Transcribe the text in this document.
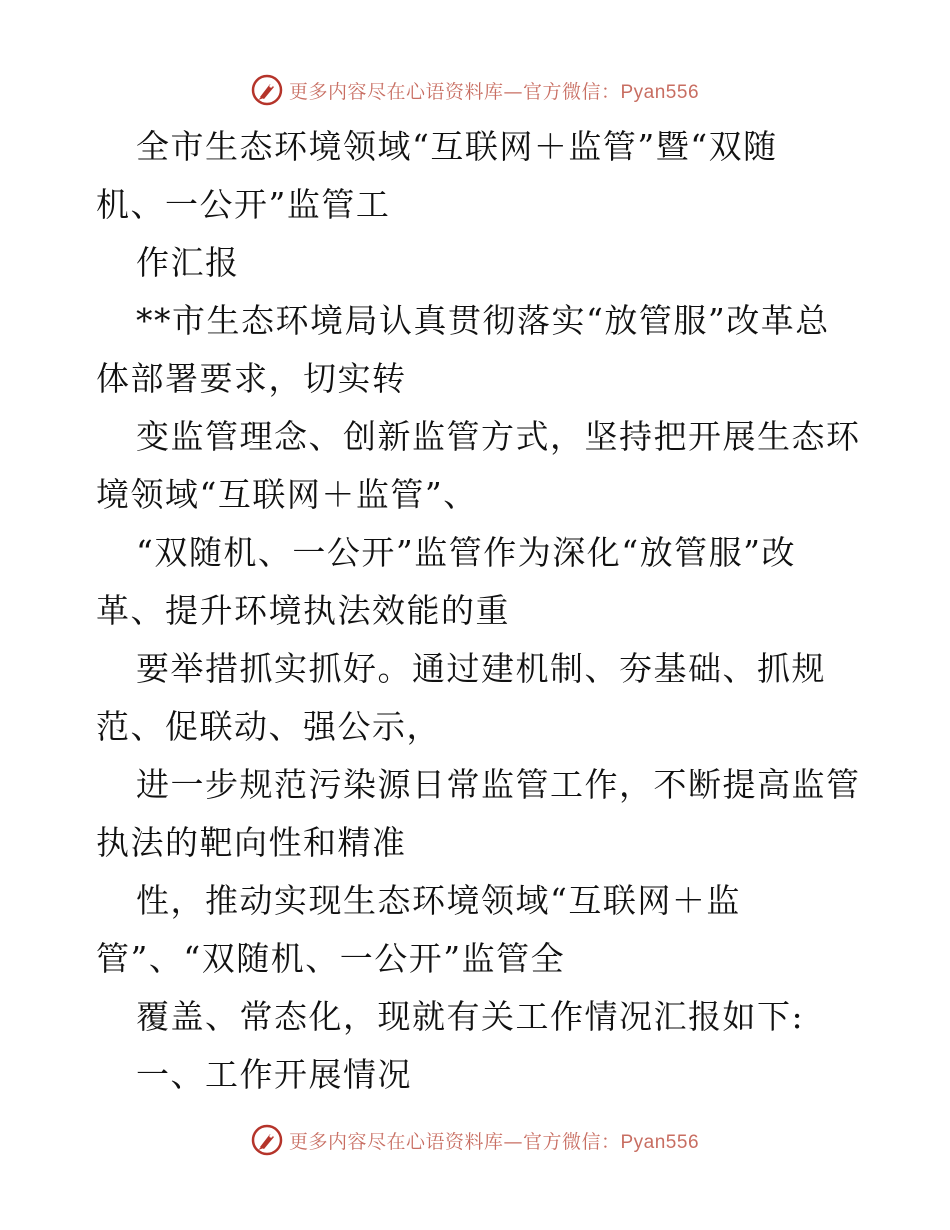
更多内容尽在心语资料库—官方微信：Pyan556
全市生态环境领域“互联网＋监管”暨“双随
机、一公开”监管工
作汇报
**市生态环境局认真贯彻落实“放管服”改革总
体部署要求，切实转
变监管理念、创新监管方式，坚持把开展生态环
境领域“互联网＋监管”、
“双随机、一公开”监管作为深化“放管服”改
革、提升环境执法效能的重
要举措抓实抓好。通过建机制、夯基础、抓规
范、促联动、强公示，
进一步规范污染源日常监管工作，不断提高监管
执法的靶向性和精准
性，推动实现生态环境领域“互联网＋监
管”、“双随机、一公开”监管全
覆盖、常态化，现就有关工作情况汇报如下:
一、工作开展情况
更多内容尽在心语资料库—官方微信：Pyan556
